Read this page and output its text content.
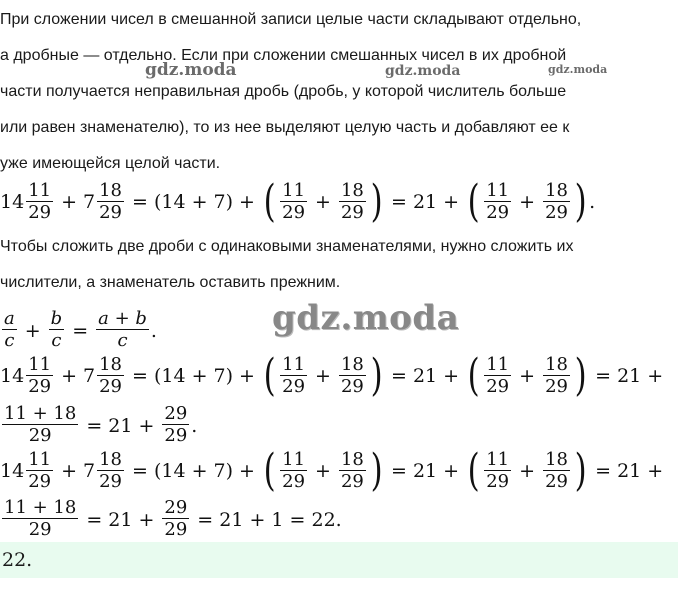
При сложении чисел в смешанной записи целые части складывают отдельно,

а дробные — отдельно. Если при сложении смешанных чисел в их дробной

части получается неправильная дробь (дробь, у которой числитель больше

или равен знаменателю), то из нее выделяют целую часть и добавляют ее к

уже имеющейся целой части.

gdz.moda	gdz.moda	gdz.moda
$14 \frac{11}{29} + 7 \frac{18}{29} = (14 + 7)$ + ( $\frac{11}{29} + \frac{18}{29}$ ) = 21 + ( $\frac{11}{29} + \frac{18}{29}$ ) .

Чтобы сложить две дроби с одинаковыми знаменателями, нужно сложить их

числители, а знаменатель оставить прежним.

$\frac{a}{c} + \frac{b}{c} = \frac{a + b}{c}$ .	gdz.moda
$14 \frac{11}{29} + 7 \frac{18}{29} = (14 + 7)$ + ( $\frac{11}{29} + \frac{18}{29}$ ) = 21 + ( $\frac{11}{29} + \frac{18}{29}$ ) = 21 +
$\frac{11 + 18}{29} = 21 + \frac{29}{29}$ .
$14 \frac{11}{29} + 7 \frac{18}{29} = (14 + 7)$ + ( $\frac{11}{29} + \frac{18}{29}$ ) = 21 + ( $\frac{11}{29} + \frac{18}{29}$ ) = 21 +
$\frac{11 + 18}{29} = 21 + \frac{29}{29} = 21 + 1 = 22$.
22.
